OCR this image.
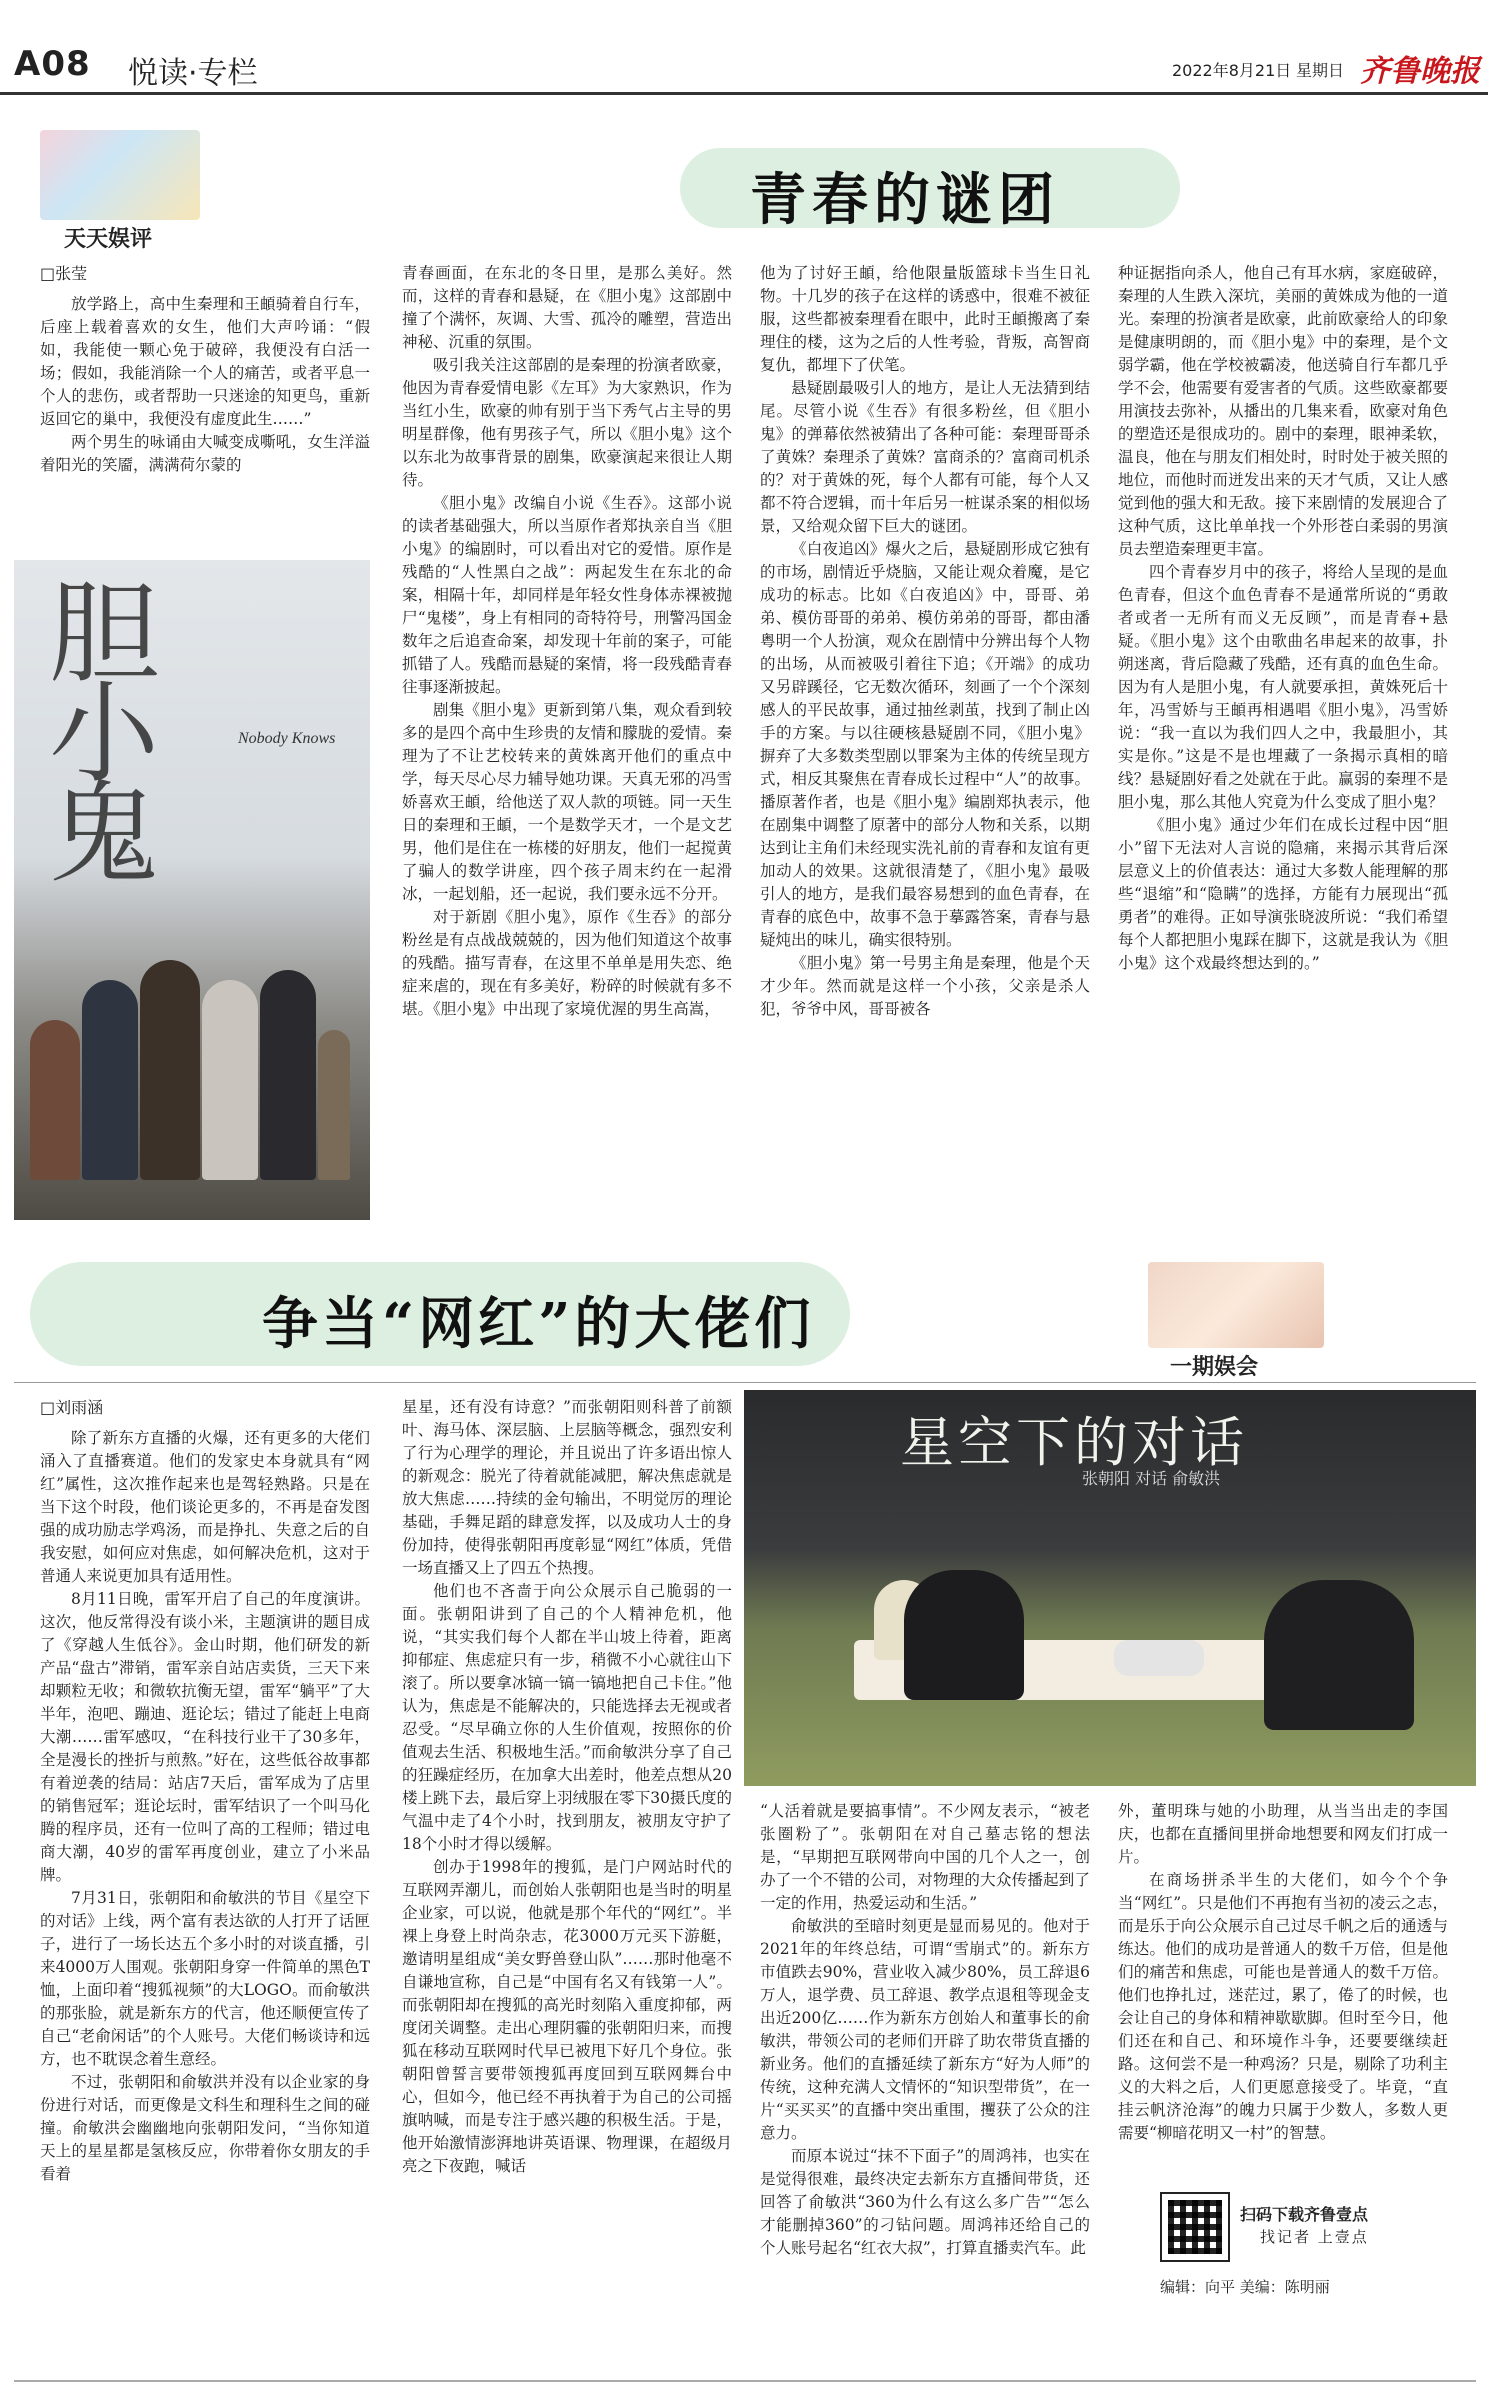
A08 悦读·专栏	2022年8月21日 星期日 齐鲁晚报
天天娱评
青春的谜团
□张莹

放学路上，高中生秦理和王頔骑着自行车，后座上载着喜欢的女生，他们大声吟诵：“假如，我能使一颗心免于破碎，我便没有白活一场；假如，我能消除一个人的痛苦，或者平息一个人的悲伤，或者帮助一只迷途的知更鸟，重新返回它的巢中，我便没有虚度此生……”

两个男生的咏诵由大喊变成嘶吼，女生洋溢着阳光的笑靥，满满荷尔蒙的

胆小鬼	Nobody Knows

青春画面，在东北的冬日里，是那么美好。然而，这样的青春和悬疑，在《胆小鬼》这部剧中撞了个满怀，灰调、大雪、孤冷的雕塑，营造出神秘、沉重的氛围。

吸引我关注这部剧的是秦理的扮演者欧豪，他因为青春爱情电影《左耳》为大家熟识，作为当红小生，欧豪的帅有别于当下秀气占主导的男明星群像，他有男孩子气，所以《胆小鬼》这个以东北为故事背景的剧集，欧豪演起来很让人期待。

《胆小鬼》改编自小说《生吞》。这部小说的读者基础强大，所以当原作者郑执亲自当《胆小鬼》的编剧时，可以看出对它的爱惜。原作是残酷的“人性黑白之战”：两起发生在东北的命案，相隔十年，却同样是年轻女性身体赤裸被抛尸“鬼楼”，身上有相同的奇特符号，刑警冯国金数年之后追查命案，却发现十年前的案子，可能抓错了人。残酷而悬疑的案情，将一段残酷青春往事逐渐披起。

剧集《胆小鬼》更新到第八集，观众看到较多的是四个高中生珍贵的友情和朦胧的爱情。秦理为了不让艺校转来的黄姝离开他们的重点中学，每天尽心尽力辅导她功课。天真无邪的冯雪娇喜欢王頔，给他送了双人款的项链。同一天生日的秦理和王頔，一个是数学天才，一个是文艺男，他们是住在一栋楼的好朋友，他们一起搅黄了骗人的数学讲座，四个孩子周末约在一起滑冰，一起划船，还一起说，我们要永远不分开。

对于新剧《胆小鬼》，原作《生吞》的部分粉丝是有点战战兢兢的，因为他们知道这个故事的残酷。描写青春，在这里不单单是用失恋、绝症来虐的，现在有多美好，粉碎的时候就有多不堪。《胆小鬼》中出现了家境优渥的男生高嵩，

他为了讨好王頔，给他限量版篮球卡当生日礼物。十几岁的孩子在这样的诱惑中，很难不被征服，这些都被秦理看在眼中，此时王頔搬离了秦理住的楼，这为之后的人性考验，背叛，高智商复仇，都埋下了伏笔。

悬疑剧最吸引人的地方，是让人无法猜到结尾。尽管小说《生吞》有很多粉丝，但《胆小鬼》的弹幕依然被猜出了各种可能：秦理哥哥杀了黄姝？秦理杀了黄姝？富商杀的？富商司机杀的？对于黄姝的死，每个人都有可能，每个人又都不符合逻辑，而十年后另一桩谋杀案的相似场景，又给观众留下巨大的谜团。

《白夜追凶》爆火之后，悬疑剧形成它独有的市场，剧情近乎烧脑，又能让观众着魔，是它成功的标志。比如《白夜追凶》中，哥哥、弟弟、模仿哥哥的弟弟、模仿弟弟的哥哥，都由潘粤明一个人扮演，观众在剧情中分辨出每个人物的出场，从而被吸引着往下追；《开端》的成功又另辟蹊径，它无数次循环，刻画了一个个深刻感人的平民故事，通过抽丝剥茧，找到了制止凶手的方案。与以往硬核悬疑剧不同，《胆小鬼》摒弃了大多数类型剧以罪案为主体的传统呈现方式，相反其聚焦在青春成长过程中“人”的故事。播原著作者，也是《胆小鬼》编剧郑执表示，他在剧集中调整了原著中的部分人物和关系，以期达到让主角们未经现实洗礼前的青春和友谊有更加动人的效果。这就很清楚了，《胆小鬼》最吸引人的地方，是我们最容易想到的血色青春，在青春的底色中，故事不急于摹露答案，青春与悬疑炖出的味儿，确实很特别。

《胆小鬼》第一号男主角是秦理，他是个天才少年。然而就是这样一个小孩，父亲是杀人犯，爷爷中风，哥哥被各

种证据指向杀人，他自己有耳水病，家庭破碎，秦理的人生跌入深坑，美丽的黄姝成为他的一道光。秦理的扮演者是欧豪，此前欧豪给人的印象是健康明朗的，而《胆小鬼》中的秦理，是个文弱学霸，他在学校被霸凌，他送骑自行车都几乎学不会，他需要有爱害者的气质。这些欧豪都要用演技去弥补，从播出的几集来看，欧豪对角色的塑造还是很成功的。剧中的秦理，眼神柔软，温良，他在与朋友们相处时，时时处于被关照的地位，而他时而迸发出来的天才气质，又让人感觉到他的强大和无敌。接下来剧情的发展迎合了这种气质，这比单单找一个外形苍白柔弱的男演员去塑造秦理更丰富。

四个青春岁月中的孩子，将给人呈现的是血色青春，但这个血色青春不是通常所说的“勇敢者或者一无所有而义无反顾”，而是青春+悬疑。《胆小鬼》这个由歌曲名串起来的故事，扑朔迷离，背后隐藏了残酷，还有真的血色生命。因为有人是胆小鬼，有人就要承担，黄姝死后十年，冯雪娇与王頔再相遇唱《胆小鬼》，冯雪娇说：“我一直以为我们四人之中，我最胆小，其实是你。”这是不是也埋藏了一条揭示真相的暗线？悬疑剧好看之处就在于此。赢弱的秦理不是胆小鬼，那么其他人究竟为什么变成了胆小鬼？

《胆小鬼》通过少年们在成长过程中因“胆小”留下无法对人言说的隐痛，来揭示其背后深层意义上的价值表达：通过大多数人能理解的那些“退缩”和“隐瞒”的选择，方能有力展现出“孤勇者”的难得。正如导演张晓波所说：“我们希望每个人都把胆小鬼踩在脚下，这就是我认为《胆小鬼》这个戏最终想达到的。”

争当“网红”的大佬们
一期娱会
□刘雨涵

除了新东方直播的火爆，还有更多的大佬们涌入了直播赛道。他们的发家史本身就具有“网红”属性，这次推作起来也是驾轻熟路。只是在当下这个时段，他们谈论更多的，不再是奋发图强的成功励志学鸡汤，而是挣扎、失意之后的自我安慰，如何应对焦虑，如何解决危机，这对于普通人来说更加具有适用性。

8月11日晚，雷军开启了自己的年度演讲。这次，他反常得没有谈小米，主题演讲的题目成了《穿越人生低谷》。金山时期，他们研发的新产品“盘古”滞销，雷军亲自站店卖货，三天下来却颗粒无收；和微软抗衡无望，雷军“躺平”了大半年，泡吧、蹦迪、逛论坛；错过了能赶上电商大潮……雷军感叹，“在科技行业干了30多年，全是漫长的挫折与煎熬。”好在，这些低谷故事都有着逆袭的结局：站店7天后，雷军成为了店里的销售冠军；逛论坛时，雷军结识了一个叫马化腾的程序员，还有一位叫了高的工程师；错过电商大潮，40岁的雷军再度创业，建立了小米品牌。

7月31日，张朝阳和俞敏洪的节目《星空下的对话》上线，两个富有表达欲的人打开了话匣子，进行了一场长达五个多小时的对谈直播，引来4000万人围观。张朝阳身穿一件简单的黑色T恤，上面印着“搜狐视频”的大LOGO。而俞敏洪的那张脸，就是新东方的代言，他还顺便宣传了自己“老俞闲话”的个人账号。大佬们畅谈诗和远方，也不耽误念着生意经。

不过，张朝阳和俞敏洪并没有以企业家的身份进行对话，而更像是文科生和理科生之间的碰撞。俞敏洪会幽幽地向张朝阳发问，“当你知道天上的星星都是氢核反应，你带着你女朋友的手看着

星星，还有没有诗意？”而张朝阳则科普了前额叶、海马体、深层脑、上层脑等概念，强烈安利了行为心理学的理论，并且说出了许多语出惊人的新观念：脱光了待着就能减肥，解决焦虑就是放大焦虑……持续的金句输出，不明觉厉的理论基础，手舞足蹈的肆意发挥，以及成功人士的身份加持，使得张朝阳再度彰显“网红”体质，凭借一场直播又上了四五个热搜。

他们也不吝啬于向公众展示自己脆弱的一面。张朝阳讲到了自己的个人精神危机，他说，“其实我们每个人都在半山坡上待着，距离抑郁症、焦虑症只有一步，稍微不小心就往山下滚了。所以要拿冰镐一镐一镐地把自己卡住。”他认为，焦虑是不能解决的，只能选择去无视或者忍受。“尽早确立你的人生价值观，按照你的价值观去生活、积极地生活。”而俞敏洪分享了自己的狂躁症经历，在加拿大出差时，他差点想从20楼上跳下去，最后穿上羽绒服在零下30摄氏度的气温中走了4个小时，找到朋友，被朋友守护了18个小时才得以缓解。

创办于1998年的搜狐，是门户网站时代的互联网弄潮儿，而创始人张朝阳也是当时的明星企业家，可以说，他就是那个年代的“网红”。半裸上身登上时尚杂志，花3000万元买下游艇，邀请明星组成“美女野兽登山队”……那时他毫不自谦地宣称，自己是“中国有名又有钱第一人”。而张朝阳却在搜狐的高光时刻陷入重度抑郁，两度闭关调整。走出心理阴霾的张朝阳归来，而搜狐在移动互联网时代早已被甩下好几个身位。张朝阳曾誓言要带领搜狐再度回到互联网舞台中心，但如今，他已经不再执着于为自己的公司摇旗呐喊，而是专注于感兴趣的积极生活。于是，他开始激情澎湃地讲英语课、物理课，在超级月亮之下夜跑，喊话

星空下的对话
张朝阳 对话 俞敏洪

“人活着就是要搞事情”。不少网友表示，“被老张圈粉了”。张朝阳在对自己墓志铭的想法是，“早期把互联网带向中国的几个人之一，创办了一个不错的公司，对物理的大众传播起到了一定的作用，热爱运动和生活。”

俞敏洪的至暗时刻更是显而易见的。他对于2021年的年终总结，可谓“雪崩式”的。新东方市值跌去90%，营业收入减少80%，员工辞退6万人，退学费、员工辞退、教学点退租等现金支出近200亿……作为新东方创始人和董事长的俞敏洪，带领公司的老师们开辟了助农带货直播的新业务。他们的直播延续了新东方“好为人师”的传统，这种充满人文情怀的“知识型带货”，在一片“买买买”的直播中突出重围，攫获了公众的注意力。

而原本说过“抹不下面子”的周鸿祎，也实在是觉得很难，最终决定去新东方直播间带货，还回答了俞敏洪“360为什么有这么多广告”“怎么才能删掉360”的刁钻问题。周鸿祎还给自己的个人账号起名“红衣大叔”，打算直播卖汽车。此

外，董明珠与她的小助理，从当当出走的李国庆，也都在直播间里拼命地想要和网友们打成一片。

在商场拼杀半生的大佬们，如今个个争当“网红”。只是他们不再抱有当初的凌云之志，而是乐于向公众展示自己过尽千帆之后的通透与练达。他们的成功是普通人的数千万倍，但是他们的痛苦和焦虑，可能也是普通人的数千万倍。他们也挣扎过，迷茫过，累了，倦了的时候，也会让自己的身体和精神歇歇脚。但时至今日，他们还在和自己、和环境作斗争，还要要继续赶路。这何尝不是一种鸡汤？只是，剔除了功利主义的大料之后，人们更愿意接受了。毕竟，“直挂云帆济沧海”的魄力只属于少数人，多数人更需要“柳暗花明又一村”的智慧。

扫码下载齐鲁壹点
找记者 上壹点
编辑：向平 美编：陈明丽
